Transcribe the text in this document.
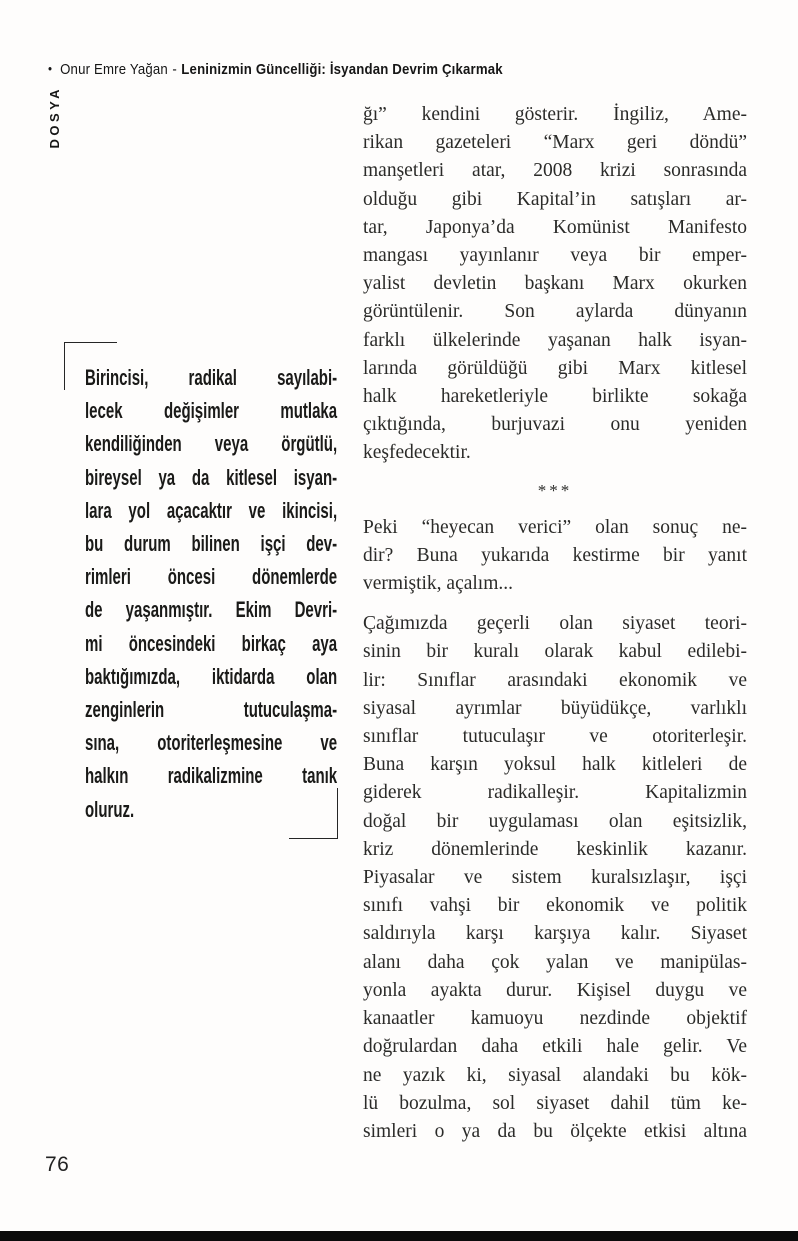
• Onur Emre Yağan - Leninizmin Güncelliği: İsyandan Devrim Çıkarmak
DOSYA
Birincisi, radikal sayılabi-
lecek değişimler mutlaka
kendiliğinden veya örgütlü,
bireysel ya da kitlesel isyan-
lara yol açacaktır ve ikincisi,
bu durum bilinen işçi dev-
rimleri öncesi dönemlerde
de yaşanmıştır. Ekim Devri-
mi öncesindeki birkaç aya
baktığımızda, iktidarda olan
zenginlerin tutuculaşma-
sına, otoriterleşmesine ve
halkın radikalizmine tanık
oluruz.
ğı” kendini gösterir. İngiliz, Ame-
rikan gazeteleri “Marx geri döndü”
manşetleri atar, 2008 krizi sonrasında
olduğu gibi Kapital’in satışları ar-
tar, Japonya’da Komünist Manifesto
mangası yayınlanır veya bir emper-
yalist devletin başkanı Marx okurken
görüntülenir. Son aylarda dünyanın
farklı ülkelerinde yaşanan halk isyan-
larında görüldüğü gibi Marx kitlesel
halk hareketleriyle birlikte sokağa
çıktığında, burjuvazi onu yeniden
keşfedecektir.
***
Peki “heyecan verici” olan sonuç ne-
dir? Buna yukarıda kestirme bir yanıt
vermiştik, açalım...
Çağımızda geçerli olan siyaset teori-
sinin bir kuralı olarak kabul edilebi-
lir: Sınıflar arasındaki ekonomik ve
siyasal ayrımlar büyüdükçe, varlıklı
sınıflar tutuculaşır ve otoriterleşir.
Buna karşın yoksul halk kitleleri de
giderek radikalleşir. Kapitalizmin
doğal bir uygulaması olan eşitsizlik,
kriz dönemlerinde keskinlik kazanır.
Piyasalar ve sistem kuralsızlaşır, işçi
sınıfı vahşi bir ekonomik ve politik
saldırıyla karşı karşıya kalır. Siyaset
alanı daha çok yalan ve manipülas-
yonla ayakta durur. Kişisel duygu ve
kanaatler kamuoyu nezdinde objektif
doğrulardan daha etkili hale gelir. Ve
ne yazık ki, siyasal alandaki bu kök-
lü bozulma, sol siyaset dahil tüm ke-
simleri o ya da bu ölçekte etkisi altına
76
